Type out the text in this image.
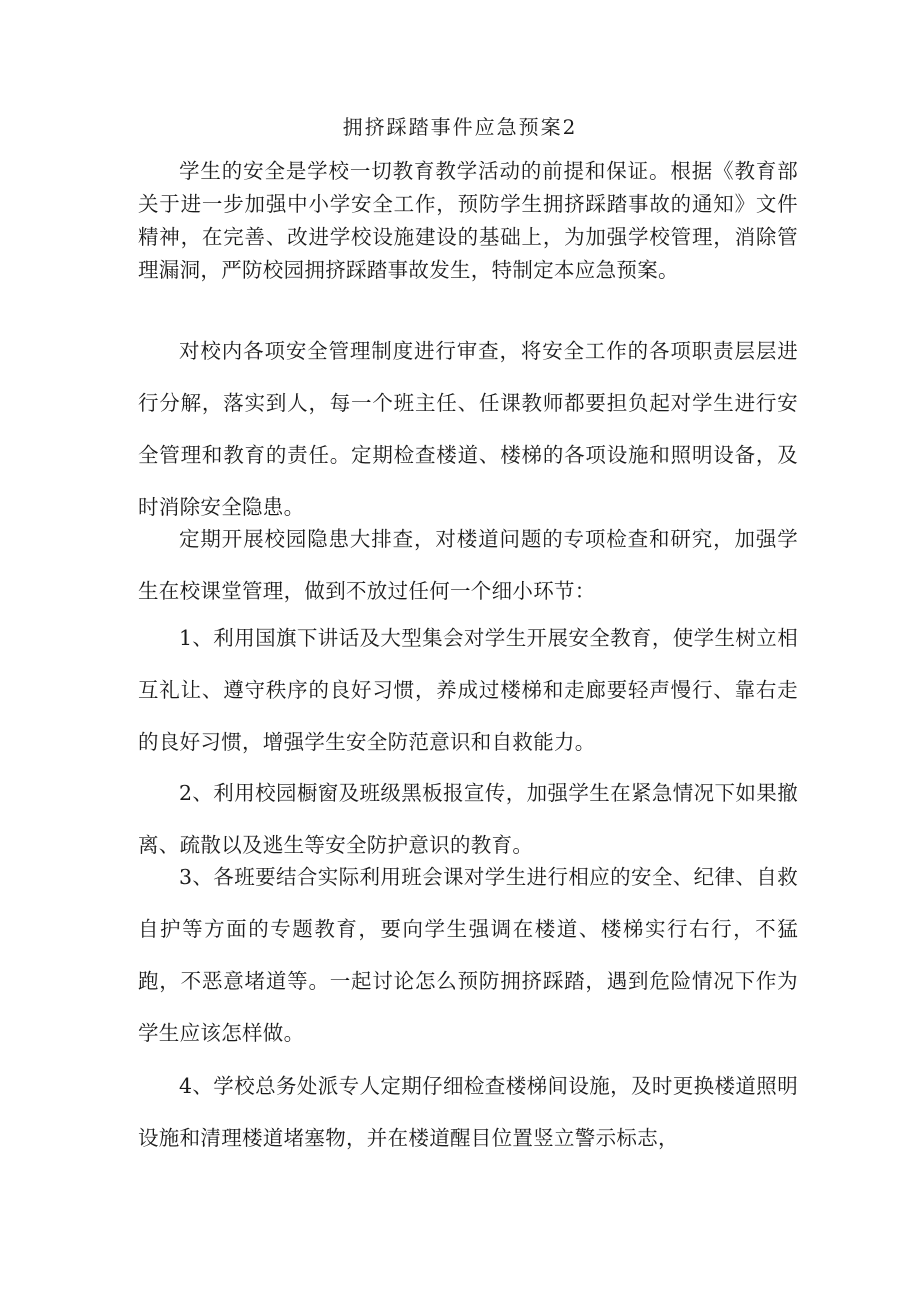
拥挤踩踏事件应急预案2

学生的安全是学校一切教育教学活动的前提和保证。根据《教育部关于进一步加强中小学安全工作，预防学生拥挤踩踏事故的通知》文件精神，在完善、改进学校设施建设的基础上，为加强学校管理，消除管理漏洞，严防校园拥挤踩踏事故发生，特制定本应急预案。

对校内各项安全管理制度进行审查，将安全工作的各项职责层层进行分解，落实到人，每一个班主任、任课教师都要担负起对学生进行安全管理和教育的责任。定期检查楼道、楼梯的各项设施和照明设备，及时消除安全隐患。

定期开展校园隐患大排查，对楼道问题的专项检查和研究，加强学生在校课堂管理，做到不放过任何一个细小环节：

1、利用国旗下讲话及大型集会对学生开展安全教育，使学生树立相互礼让、遵守秩序的良好习惯，养成过楼梯和走廊要轻声慢行、靠右走的良好习惯，增强学生安全防范意识和自救能力。

2、利用校园橱窗及班级黑板报宣传，加强学生在紧急情况下如果撤离、疏散以及逃生等安全防护意识的教育。

3、各班要结合实际利用班会课对学生进行相应的安全、纪律、自救自护等方面的专题教育，要向学生强调在楼道、楼梯实行右行，不猛跑，不恶意堵道等。一起讨论怎么预防拥挤踩踏，遇到危险情况下作为学生应该怎样做。

4、学校总务处派专人定期仔细检查楼梯间设施，及时更换楼道照明设施和清理楼道堵塞物，并在楼道醒目位置竖立警示标志，
